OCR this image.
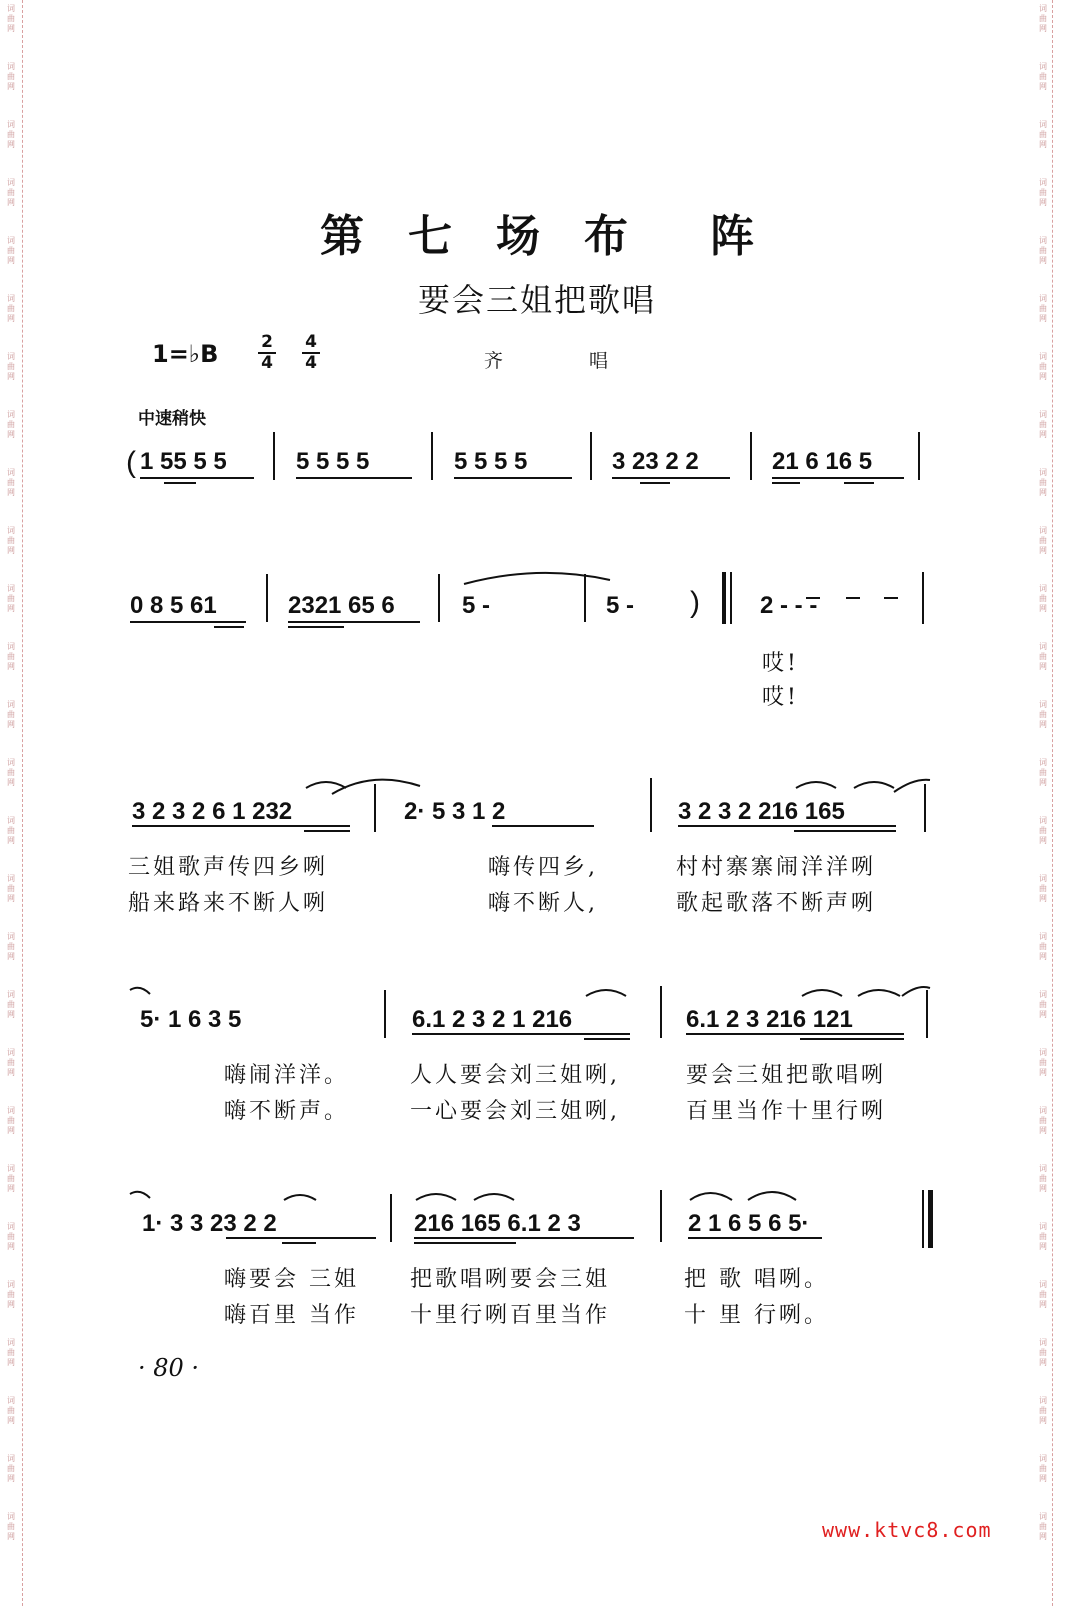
词曲网
词曲网
词曲网
词曲网
词曲网
词曲网
词曲网
词曲网
词曲网
词曲网
词曲网
词曲网
词曲网
词曲网
词曲网
词曲网
词曲网
词曲网
词曲网
词曲网
词曲网
词曲网
词曲网
词曲网
词曲网
词曲网
词曲网
词曲网
词曲网
词曲网
词曲网
词曲网
词曲网
词曲网
词曲网
词曲网
词曲网
词曲网
词曲网
词曲网
词曲网
词曲网
词曲网
词曲网
词曲网
词曲网
词曲网
词曲网
词曲网
词曲网
词曲网
词曲网
词曲网
词曲网
第 七 场 布 阵
要会三姐把歌唱
1=♭B	2
4
4
4	齐 唱
中速稍快
( 1 55 5 5	5 5 5 5	5 5 5 5	3 23 2 2	21 6 16 5
0 8 5 61	2321 65 6	5 -	5 - )	2 - - -
哎!
哎!
3 2 3 2 6 1 232	2· 5 3 1 2	3 2 3 2 216 165
三姐歌声传四乡咧	嗨传四乡,	村村寨寨闹洋洋咧
船来路来不断人咧	嗨不断人,	歌起歌落不断声咧
5· 1 6 3 5	6.1 2 3 2 1 216	6.1 2 3 216 121
嗨闹洋洋。	人人要会刘三姐咧,	要会三姐把歌唱咧
嗨不断声。	一心要会刘三姐咧,	百里当作十里行咧
1· 3 3 23 2 2	216 165 6.1 2 3	2 1 6 5 6 5·
嗨要会 三姐 把歌唱咧要会三姐	把 歌 唱咧。
嗨百里 当作 十里行咧百里当作	十 里 行咧。
· 80 ·
www.ktvc8.com
